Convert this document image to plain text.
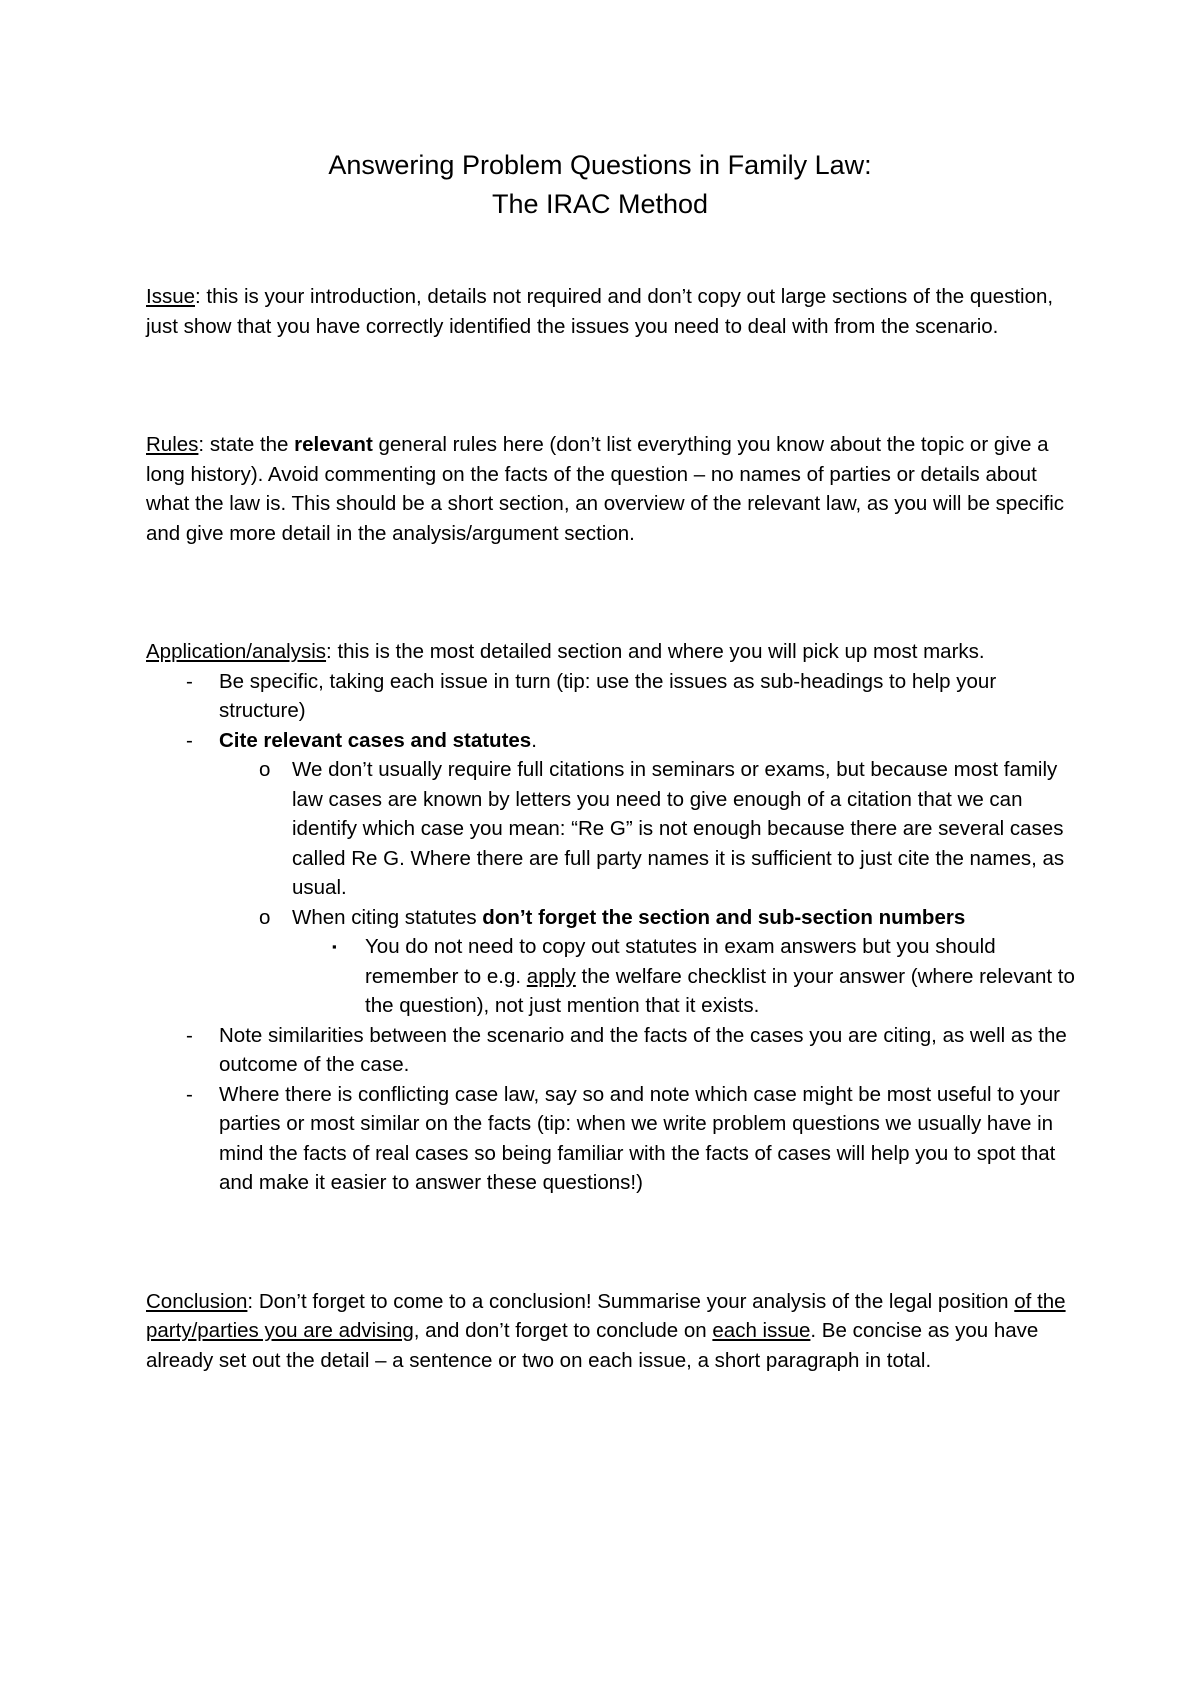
Answering Problem Questions in Family Law:
The IRAC Method

Issue: this is your introduction, details not required and don’t copy out large sections of the question, just show that you have correctly identified the issues you need to deal with from the scenario.

Rules: state the relevant general rules here (don’t list everything you know about the topic or give a long history). Avoid commenting on the facts of the question – no names of parties or details about what the law is. This should be a short section, an overview of the relevant law, as you will be specific and give more detail in the analysis/argument section.

Application/analysis: this is the most detailed section and where you will pick up most marks.

-	Be specific, taking each issue in turn (tip: use the issues as sub-headings to help your structure)

-	Cite relevant cases and statutes.

o	We don’t usually require full citations in seminars or exams, but because most family law cases are known by letters you need to give enough of a citation that we can identify which case you mean: “Re G” is not enough because there are several cases called Re G. Where there are full party names it is sufficient to just cite the names, as usual.

o	When citing statutes don’t forget the section and sub-section numbers

▪	You do not need to copy out statutes in exam answers but you should remember to e.g. apply the welfare checklist in your answer (where relevant to the question), not just mention that it exists.

-	Note similarities between the scenario and the facts of the cases you are citing, as well as the outcome of the case.

-	Where there is conflicting case law, say so and note which case might be most useful to your parties or most similar on the facts (tip: when we write problem questions we usually have in mind the facts of real cases so being familiar with the facts of cases will help you to spot that and make it easier to answer these questions!)

Conclusion: Don’t forget to come to a conclusion! Summarise your analysis of the legal position of the party/parties you are advising, and don’t forget to conclude on each issue. Be concise as you have already set out the detail – a sentence or two on each issue, a short paragraph in total.
